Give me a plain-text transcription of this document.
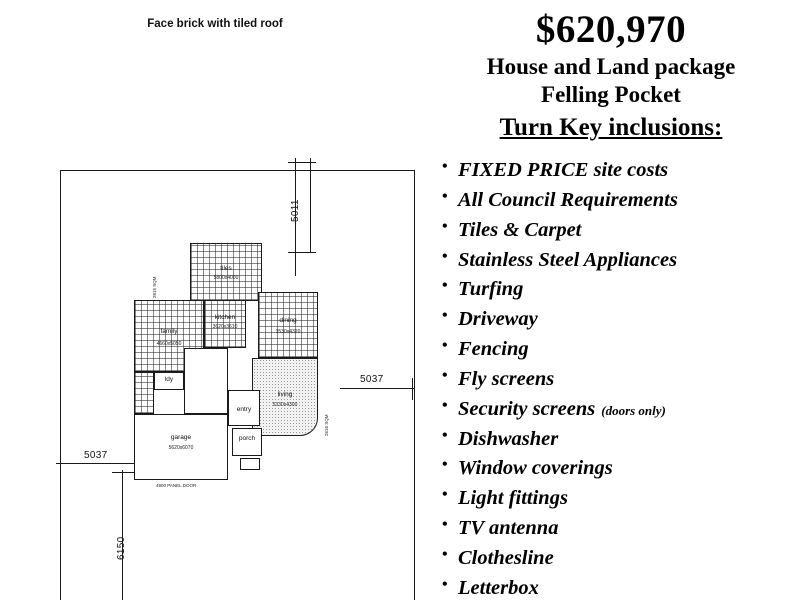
Face brick with tiled roof
5011
5037
5037
6150
tiles
5800x4000
family
4660x5050
kitchen
3620x3610
dining
3530x4320
living
5330x4300
ldy
entry
garage
5620x6070
porch
4900 PANEL DOOR
2616 SQM
2815 SQM
$620,970
House and Land package
Felling Pocket
Turn Key inclusions:
• FIXED PRICE site costs
• All Council Requirements
• Tiles & Carpet
• Stainless Steel Appliances
• Turfing
• Driveway
• Fencing
• Fly screens
• Security screens (doors only)
• Dishwasher
• Window coverings
• Light fittings
• TV antenna
• Clothesline
• Letterbox
